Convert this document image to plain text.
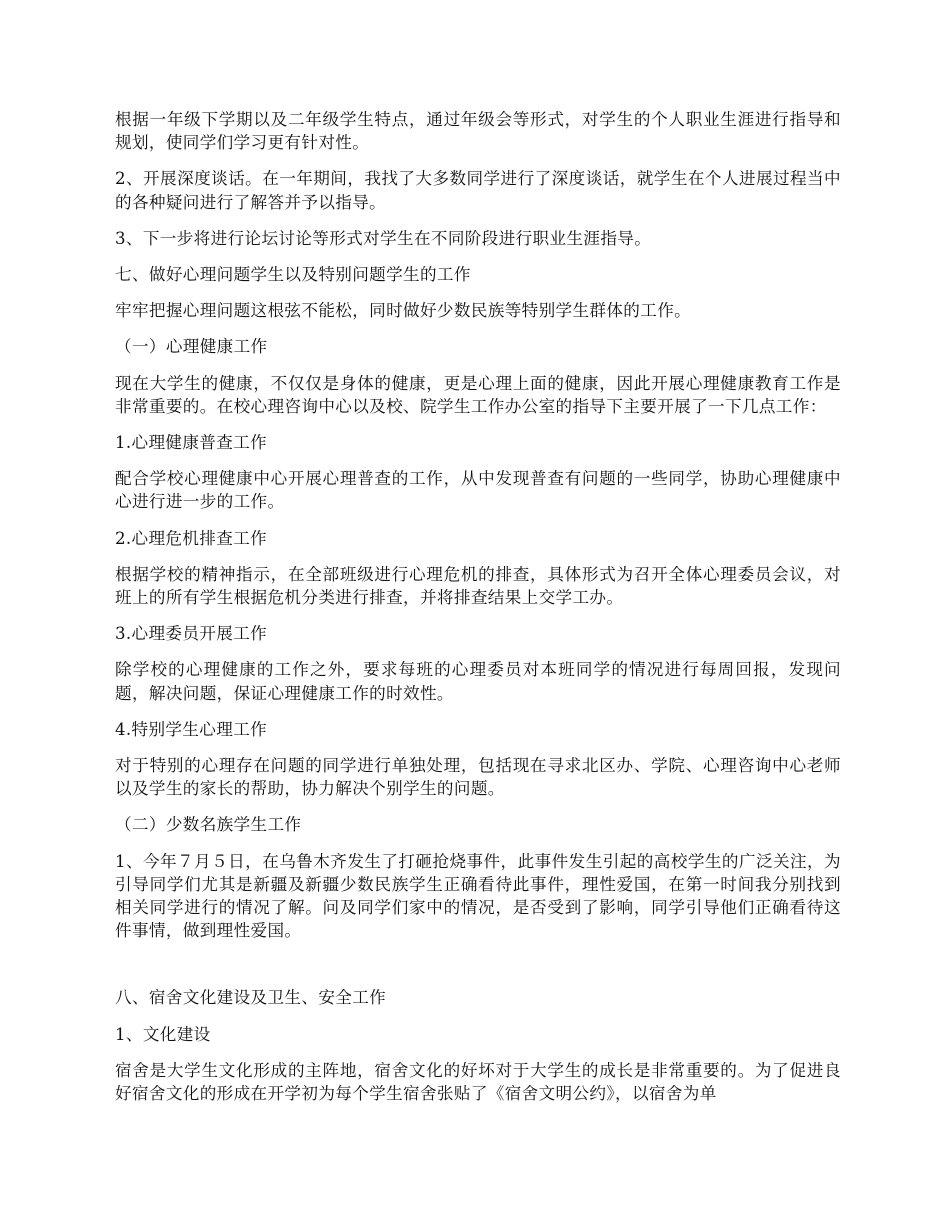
根据一年级下学期以及二年级学生特点，通过年级会等形式，对学生的个人职业生涯进行指导和规划，使同学们学习更有针对性。

2、开展深度谈话。在一年期间，我找了大多数同学进行了深度谈话，就学生在个人进展过程当中的各种疑问进行了解答并予以指导。

3、下一步将进行论坛讨论等形式对学生在不同阶段进行职业生涯指导。

七、做好心理问题学生以及特别问题学生的工作

牢牢把握心理问题这根弦不能松，同时做好少数民族等特别学生群体的工作。

（一）心理健康工作

现在大学生的健康，不仅仅是身体的健康，更是心理上面的健康，因此开展心理健康教育工作是非常重要的。在校心理咨询中心以及校、院学生工作办公室的指导下主要开展了一下几点工作：

1.心理健康普查工作

配合学校心理健康中心开展心理普查的工作，从中发现普查有问题的一些同学，协助心理健康中心进行进一步的工作。

2.心理危机排查工作

根据学校的精神指示，在全部班级进行心理危机的排查，具体形式为召开全体心理委员会议，对班上的所有学生根据危机分类进行排查，并将排查结果上交学工办。

3.心理委员开展工作

除学校的心理健康的工作之外，要求每班的心理委员对本班同学的情况进行每周回报，发现问题，解决问题，保证心理健康工作的时效性。

4.特别学生心理工作

对于特别的心理存在问题的同学进行单独处理，包括现在寻求北区办、学院、心理咨询中心老师以及学生的家长的帮助，协力解决个别学生的问题。

（二）少数名族学生工作

1、今年７月５日，在乌鲁木齐发生了打砸抢烧事件，此事件发生引起的高校学生的广泛关注，为引导同学们尤其是新疆及新疆少数民族学生正确看待此事件，理性爱国，在第一时间我分别找到相关同学进行的情况了解。问及同学们家中的情况，是否受到了影响，同学引导他们正确看待这件事情，做到理性爱国。

八、宿舍文化建设及卫生、安全工作

1、文化建设

宿舍是大学生文化形成的主阵地，宿舍文化的好坏对于大学生的成长是非常重要的。为了促进良好宿舍文化的形成在开学初为每个学生宿舍张贴了《宿舍文明公约》，以宿舍为单
